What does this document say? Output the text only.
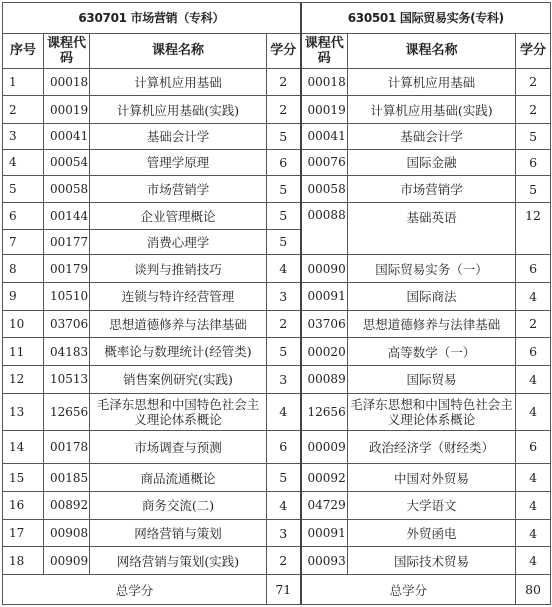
630701 市场营销（专科）				630501 国际贸易实务(专科)		
序号	课程代码	课程名称	学分	课程代码	课程名称	学分
1	00018	计算机应用基础	2	00018	计算机应用基础	2
2	00019	计算机应用基础(实践)	2	00019	计算机应用基础(实践)	2
3	00041	基础会计学	5	00041	基础会计学	5
4	00054	管理学原理	6	00076	国际金融	6
5	00058	市场营销学	5	00058	市场营销学	5
6	00144	企业管理概论	5	00088	基础英语	12
7	00177	消费心理学	5			
8	00179	谈判与推销技巧	4	00090	国际贸易实务（一）	6
9	10510	连锁与特许经营管理	3	00091	国际商法	4
10	03706	思想道德修养与法律基础	2	03706	思想道德修养与法律基础	2
11	04183	概率论与数理统计(经管类)	5	00020	高等数学（一）	6
12	10513	销售案例研究(实践)	3	00089	国际贸易	4
13	12656	毛泽东思想和中国特色社会主义理论体系概论	4	12656	毛泽东思想和中国特色社会主义理论体系概论	4
14	00178	市场调查与预测	6	00009	政治经济学（财经类）	6
15	00185	商品流通概论	5	00092	中国对外贸易	4
16	00892	商务交流(二)	4	04729	大学语文	4
17	00908	网络营销与策划	3	00091	外贸函电	4
18	00909	网络营销与策划(实践)	2	00093	国际技术贸易	4
总学分			71	总学分		80
